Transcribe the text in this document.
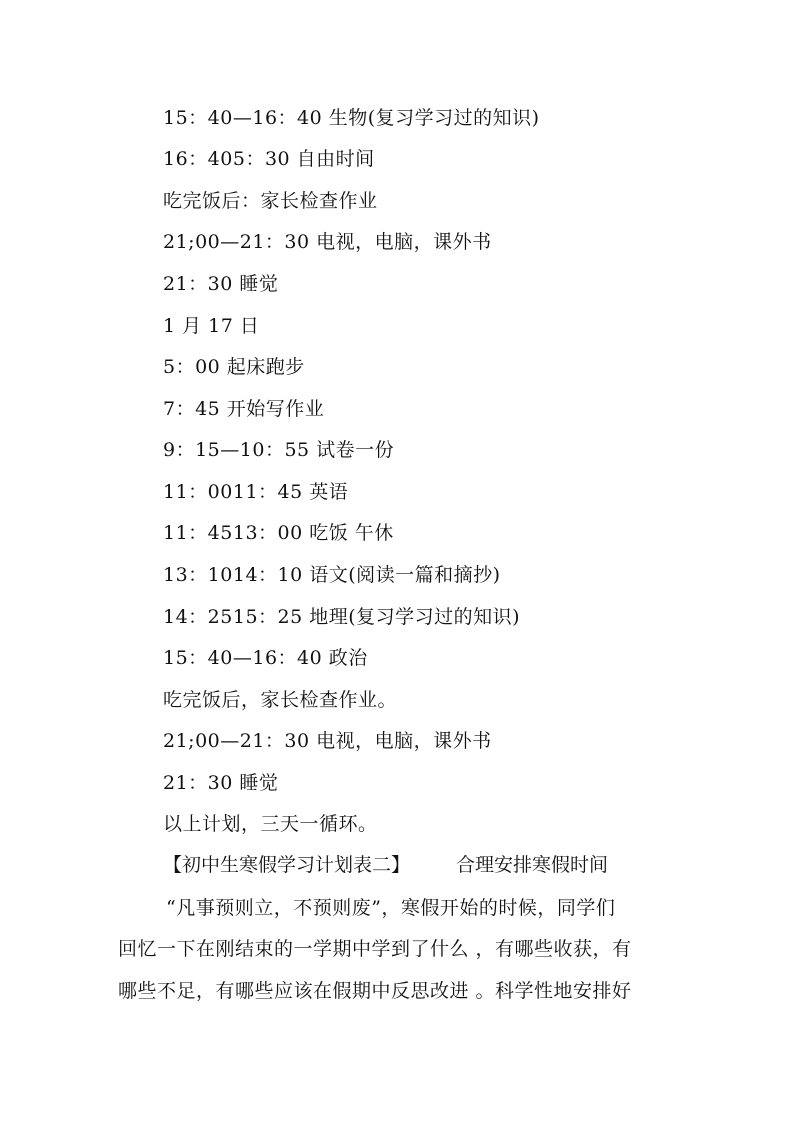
15：40—16：40 生物(复习学习过的知识)
16：405：30 自由时间
吃完饭后：家长检查作业
21;00—21：30 电视，电脑，课外书
21：30 睡觉
1 月 17 日
5：00 起床跑步
7：45 开始写作业
9：15—10：55 试卷一份
11：0011：45 英语
11：4513：00 吃饭 午休
13：1014：10 语文(阅读一篇和摘抄)
14：2515：25 地理(复习学习过的知识)
15：40—16：40 政治
吃完饭后，家长检查作业。
21;00—21：30 电视，电脑，课外书
21：30 睡觉
以上计划，三天一循环。
【初中生寒假学习计划表二】 合理安排寒假时间
“凡事预则立，不预则废”，寒假开始的时候，同学们
回忆一下在刚结束的一学期中学到了什么 ，有哪些收获，有
哪些不足，有哪些应该在假期中反思改进 。科学性地安排好
